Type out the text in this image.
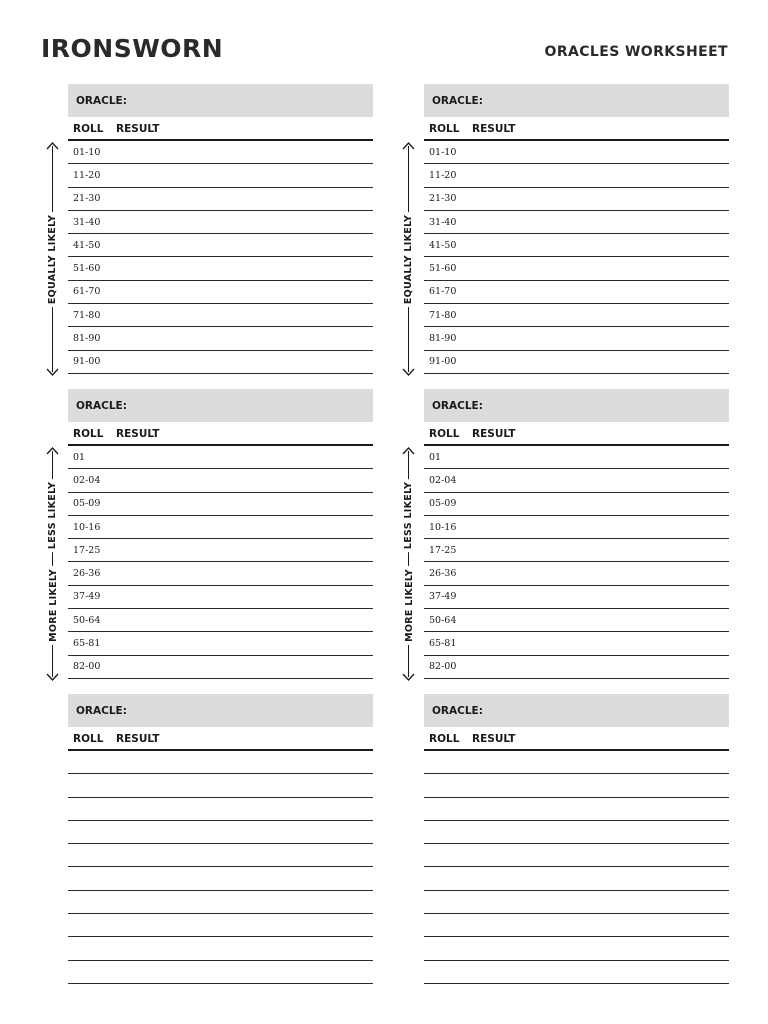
IRONSWORN	ORACLES WORKSHEET
EQUALLY LIKELY
ORACLE:
ROLL RESULT
01-10
11-20
21-30
31-40
41-50
51-60
61-70
71-80
81-90
91-00
EQUALLY LIKELY
ORACLE:
ROLL RESULT
01-10
11-20
21-30
31-40
41-50
51-60
61-70
71-80
81-90
91-00
LESS LIKELY
MORE LIKELY
ORACLE:
ROLL RESULT
01
02-04
05-09
10-16
17-25
26-36
37-49
50-64
65-81
82-00
LESS LIKELY
MORE LIKELY
ORACLE:
ROLL RESULT
01
02-04
05-09
10-16
17-25
26-36
37-49
50-64
65-81
82-00
ORACLE:
ROLL RESULT
ORACLE:
ROLL RESULT
